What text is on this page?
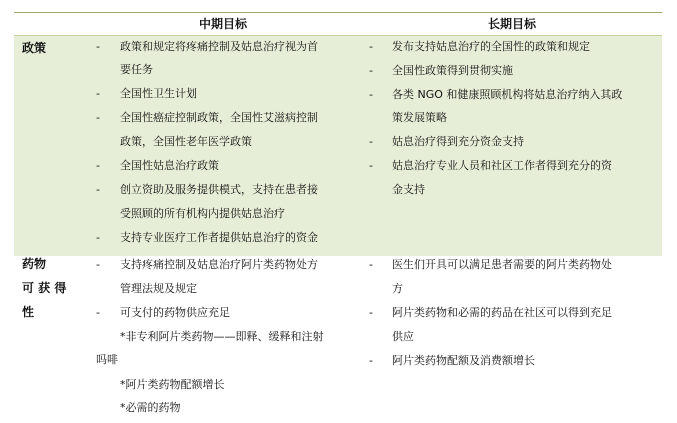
中期目标	长期目标
政策	- 政策和规定将疼痛控制及姑息治疗视为首
要任务
- 全国性卫生计划
- 全国性癌症控制政策，全国性艾滋病控制
政策，全国性老年医学政策
- 全国性姑息治疗政策
- 创立资助及服务提供模式，支持在患者接
受照顾的所有机构内提供姑息治疗
- 支持专业医疗工作者提供姑息治疗的资金
- 发布支持姑息治疗的全国性的政策和规定
- 全国性政策得到贯彻实施
- 各类 NGO 和健康照顾机构将姑息治疗纳入其政
策发展策略
- 姑息治疗得到充分资金支持
- 姑息治疗专业人员和社区工作者得到充分的资
金支持
药物
可 获 得
性
- 支持疼痛控制及姑息治疗阿片类药物处方
管理法规及规定
- 可支付的药物供应充足
*非专利阿片类药物——即释、缓释和注射
吗啡
*阿片类药物配额增长
*必需的药物
- 医生们开具可以满足患者需要的阿片类药物处
方
- 阿片类药物和必需的药品在社区可以得到充足
供应
- 阿片类药物配额及消费额增长
